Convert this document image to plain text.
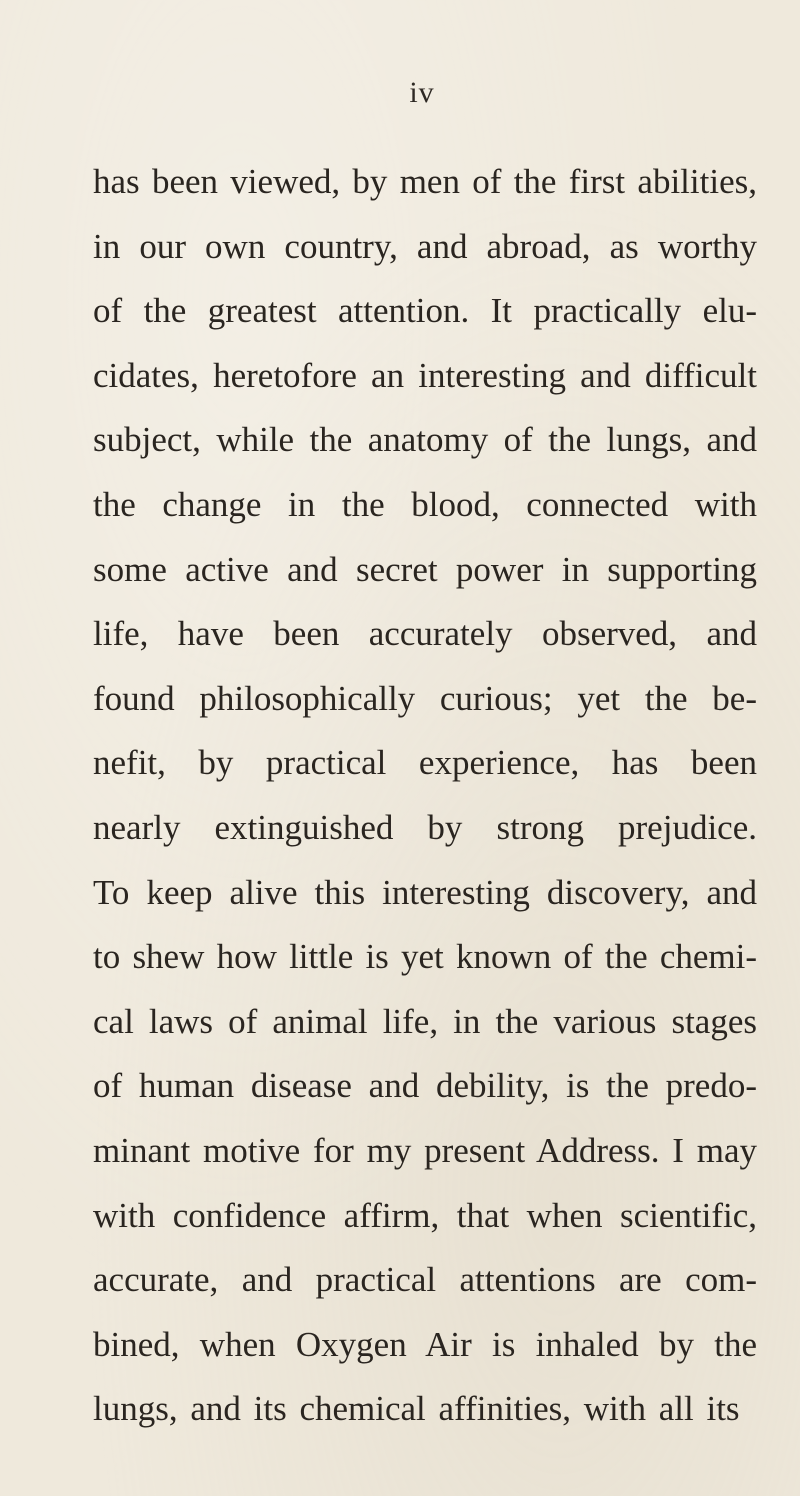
iv
has been viewed, by men of the first abilities,
in our own country, and abroad, as worthy
of the greatest attention. It practically elu-
cidates, heretofore an interesting and difficult
subject, while the anatomy of the lungs, and
the change in the blood, connected with
some active and secret power in supporting
life, have been accurately observed, and
found philosophically curious; yet the be-
nefit, by practical experience, has been
nearly extinguished by strong prejudice.
To keep alive this interesting discovery, and
to shew how little is yet known of the chemi-
cal laws of animal life, in the various stages
of human disease and debility, is the predo-
minant motive for my present Address. I may
with confidence affirm, that when scientific,
accurate, and practical attentions are com-
bined, when Oxygen Air is inhaled by the
lungs, and its chemical affinities, with all its
